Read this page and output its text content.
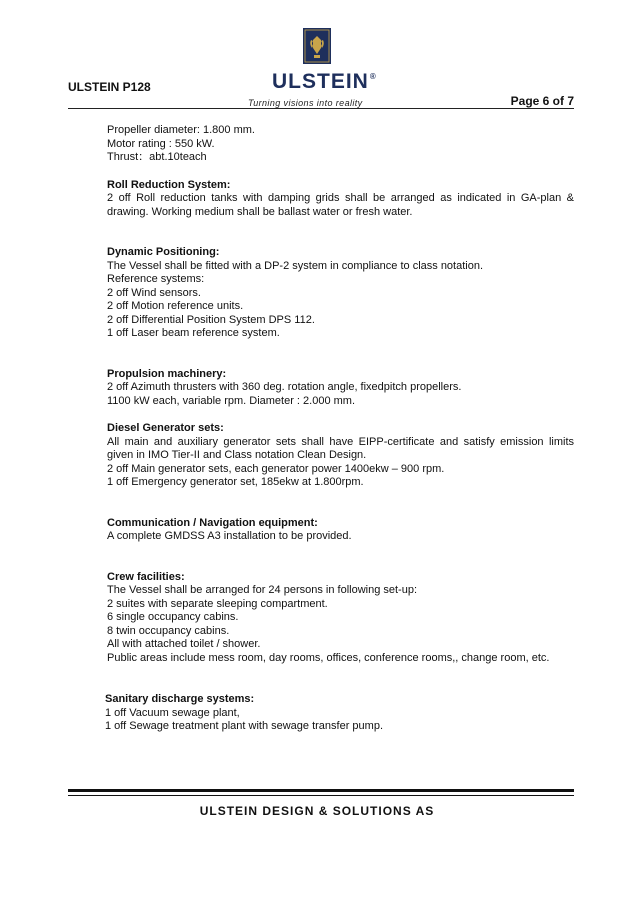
ULSTEIN P128	ULSTEIN®
Turning visions into reality	Page 6 of 7
Propeller diameter: 1.800 mm.
Motor rating : 550 kW.
Thrust：abt.10teach
Roll Reduction System:
2 off Roll reduction tanks with damping grids shall be arranged as indicated in GA-plan & drawing. Working medium shall be ballast water or fresh water.
Dynamic Positioning:
The Vessel shall be fitted with a DP-2 system in compliance to class notation.
Reference systems:
2 off Wind sensors.
2 off Motion reference units.
2 off Differential Position System DPS 112.
1 off Laser beam reference system.
Propulsion machinery:
2 off Azimuth thrusters with 360 deg. rotation angle, fixedpitch propellers.
1100 kW each, variable rpm. Diameter : 2.000 mm.
Diesel Generator sets:
All main and auxiliary generator sets shall have EIPP-certificate and satisfy emission limits given in IMO Tier-II and Class notation Clean Design.
2 off Main generator sets, each generator power 1400ekw – 900 rpm.
1 off Emergency generator set, 185ekw at 1.800rpm.
Communication / Navigation equipment:
A complete GMDSS A3 installation to be provided.
Crew facilities:
The Vessel shall be arranged for 24 persons in following set-up:
2 suites with separate sleeping compartment.
6 single occupancy cabins.
8 twin occupancy cabins.
All with attached toilet / shower.
Public areas include mess room, day rooms, offices, conference rooms,, change room, etc.
Sanitary discharge systems:
1 off Vacuum sewage plant,
1 off Sewage treatment plant with sewage transfer pump.
ULSTEIN DESIGN & SOLUTIONS AS
